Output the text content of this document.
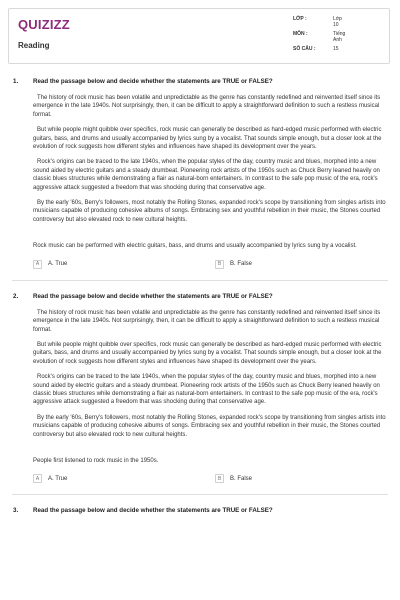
QUIZIZZ
Reading
LỚP :	Lớp 10
MÔN :	Tiếng Anh
SỐ CÂU :	15
1. Read the passage below and decide whether the statements are TRUE or FALSE?

The history of rock music has been volatile and unpredictable as the genre has constantly redefined and reinvented itself since its emergence in the late 1940s. Not surprisingly, then, it can be difficult to apply a straightforward definition to such a restless musical format.

But while people might quibble over specifics, rock music can generally be described as hard-edged music performed with electric guitars, bass, and drums and usually accompanied by lyrics sung by a vocalist. That sounds simple enough, but a closer look at the evolution of rock suggests how different styles and influences have shaped its development over the years.

Rock's origins can be traced to the late 1940s, when the popular styles of the day, country music and blues, morphed into a new sound aided by electric guitars and a steady drumbeat. Pioneering rock artists of the 1950s such as Chuck Berry leaned heavily on classic blues structures while demonstrating a flair as natural-born entertainers. In contrast to the safe pop music of the era, rock's aggressive attack suggested a freedom that was shocking during that conservative age.

By the early '60s, Berry's followers, most notably the Rolling Stones, expanded rock's scope by transitioning from singles artists into musicians capable of producing cohesive albums of songs. Embracing sex and youthful rebellion in their music, the Stones courted controversy but also elevated rock to new cultural heights.

Rock music can be performed with electric guitars, bass, and drums and usually accompanied by lyrics sung by a vocalist.

A	A. True	B	B. False
2. Read the passage below and decide whether the statements are TRUE or FALSE?

The history of rock music has been volatile and unpredictable as the genre has constantly redefined and reinvented itself since its emergence in the late 1940s. Not surprisingly, then, it can be difficult to apply a straightforward definition to such a restless musical format.

But while people might quibble over specifics, rock music can generally be described as hard-edged music performed with electric guitars, bass, and drums and usually accompanied by lyrics sung by a vocalist. That sounds simple enough, but a closer look at the evolution of rock suggests how different styles and influences have shaped its development over the years.

Rock's origins can be traced to the late 1940s, when the popular styles of the day, country music and blues, morphed into a new sound aided by electric guitars and a steady drumbeat. Pioneering rock artists of the 1950s such as Chuck Berry leaned heavily on classic blues structures while demonstrating a flair as natural-born entertainers. In contrast to the safe pop music of the era, rock's aggressive attack suggested a freedom that was shocking during that conservative age.

By the early '60s, Berry's followers, most notably the Rolling Stones, expanded rock's scope by transitioning from singles artists into musicians capable of producing cohesive albums of songs. Embracing sex and youthful rebellion in their music, the Stones courted controversy but also elevated rock to new cultural heights.

People first listened to rock music in the 1950s.

A	A. True	B	B. False
3. Read the passage below and decide whether the statements are TRUE or FALSE?
